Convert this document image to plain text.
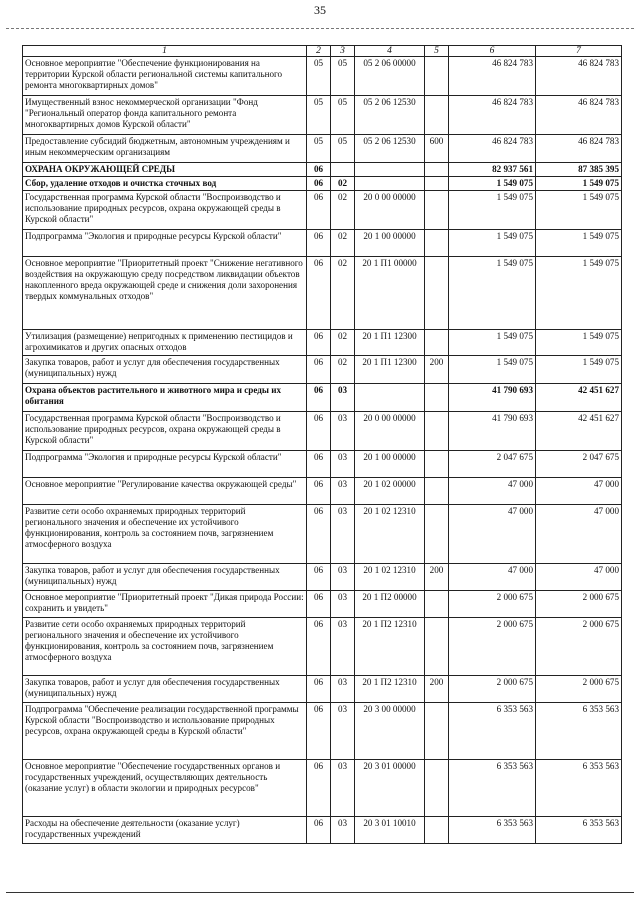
35
1	2	3	4	5	6	7
Основное мероприятие "Обеспечение функционирования на территории Курской области региональной системы капитального ремонта многоквартирных домов"	05	05	05 2 06 00000		46 824 783	46 824 783
Имущественный взнос некоммерческой организации "Фонд "Региональный оператор фонда капитального ремонта многоквартирных домов Курской области"	05	05	05 2 06 12530		46 824 783	46 824 783
Предоставление субсидий бюджетным, автономным учреждениям и иным некоммерческим организациям	05	05	05 2 06 12530	600	46 824 783	46 824 783
ОХРАНА ОКРУЖАЮЩЕЙ СРЕДЫ	06				82 937 561	87 385 395
Сбор, удаление отходов и очистка сточных вод	06	02			1 549 075	1 549 075
Государственная программа Курской области "Воспроизводство и использование природных ресурсов, охрана окружающей среды в Курской области"	06	02	20 0 00 00000		1 549 075	1 549 075
Подпрограмма "Экология и природные ресурсы Курской области"	06	02	20 1 00 00000		1 549 075	1 549 075
Основное мероприятие "Приоритетный проект "Снижение негативного воздействия на окружающую среду посредством ликвидации объектов накопленного вреда окружающей среде и снижения доли захоронения твердых коммунальных отходов"	06	02	20 1 П1 00000		1 549 075	1 549 075
Утилизация (размещение) непригодных к применению пестицидов и агрохимикатов и других опасных отходов	06	02	20 1 П1 12300		1 549 075	1 549 075
Закупка товаров, работ и услуг для обеспечения государственных (муниципальных) нужд	06	02	20 1 П1 12300	200	1 549 075	1 549 075
Охрана объектов растительного и животного мира и среды их обитания	06	03			41 790 693	42 451 627
Государственная программа Курской области "Воспроизводство и использование природных ресурсов, охрана окружающей среды в Курской области"	06	03	20 0 00 00000		41 790 693	42 451 627
Подпрограмма "Экология и природные ресурсы Курской области"	06	03	20 1 00 00000		2 047 675	2 047 675
Основное мероприятие "Регулирование качества окружающей среды"	06	03	20 1 02 00000		47 000	47 000
Развитие сети особо охраняемых природных территорий регионального значения и обеспечение их устойчивого функционирования, контроль за состоянием почв, загрязнением атмосферного воздуха	06	03	20 1 02 12310		47 000	47 000
Закупка товаров, работ и услуг для обеспечения государственных (муниципальных) нужд	06	03	20 1 02 12310	200	47 000	47 000
Основное мероприятие "Приоритетный проект "Дикая природа России: сохранить и увидеть"	06	03	20 1 П2 00000		2 000 675	2 000 675
Развитие сети особо охраняемых природных территорий регионального значения и обеспечение их устойчивого функционирования, контроль за состоянием почв, загрязнением атмосферного воздуха	06	03	20 1 П2 12310		2 000 675	2 000 675
Закупка товаров, работ и услуг для обеспечения государственных (муниципальных) нужд	06	03	20 1 П2 12310	200	2 000 675	2 000 675
Подпрограмма "Обеспечение реализации государственной программы Курской области "Воспроизводство и использование природных ресурсов, охрана окружающей среды в Курской области"	06	03	20 3 00 00000		6 353 563	6 353 563
Основное мероприятие "Обеспечение государственных органов и государственных учреждений, осуществляющих деятельность (оказание услуг) в области экологии и природных ресурсов"	06	03	20 3 01 00000		6 353 563	6 353 563
Расходы на обеспечение деятельности (оказание услуг) государственных учреждений	06	03	20 3 01 10010		6 353 563	6 353 563
